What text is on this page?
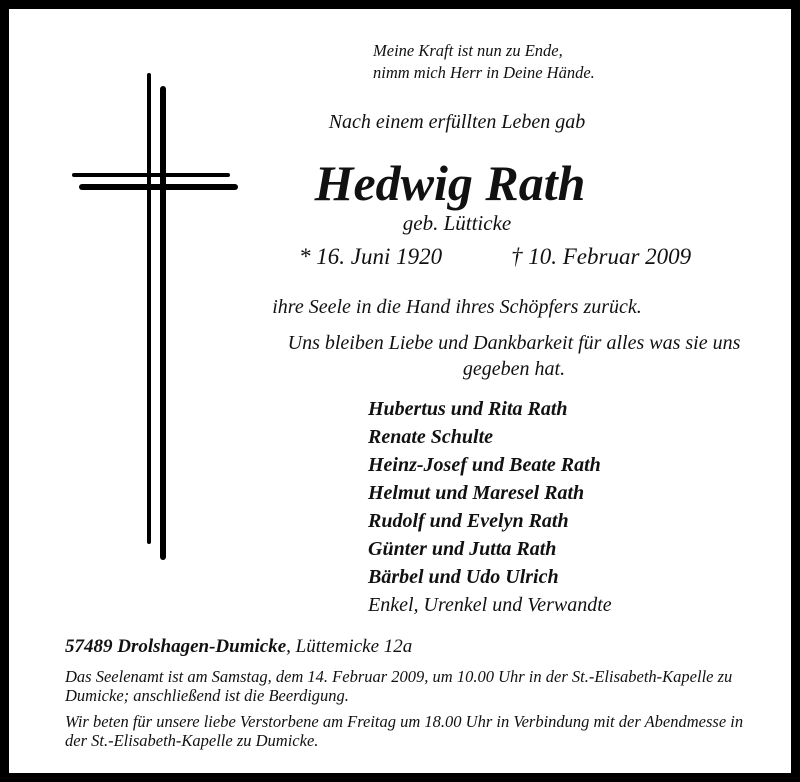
Meine Kraft ist nun zu Ende,
nimm mich Herr in Deine Hände.
Nach einem erfüllten Leben gab
Hedwig Rath
geb. Lütticke
* 16. Juni 1920	† 10. Februar 2009
ihre Seele in die Hand ihres Schöpfers zurück.
Uns bleiben Liebe und Dankbarkeit für alles was sie uns gegeben hat.
Hubertus und Rita Rath
Renate Schulte
Heinz-Josef und Beate Rath
Helmut und Maresel Rath
Rudolf und Evelyn Rath
Günter und Jutta Rath
Bärbel und Udo Ulrich
Enkel, Urenkel und Verwandte
57489 Drolshagen-Dumicke, Lüttemicke 12a

Das Seelenamt ist am Samstag, dem 14. Februar 2009, um 10.00 Uhr in der St.-Elisabeth-Kapelle zu Dumicke; anschließend ist die Beerdigung.

Wir beten für unsere liebe Verstorbene am Freitag um 18.00 Uhr in Verbindung mit der Abendmesse in der St.-Elisabeth-Kapelle zu Dumicke.
